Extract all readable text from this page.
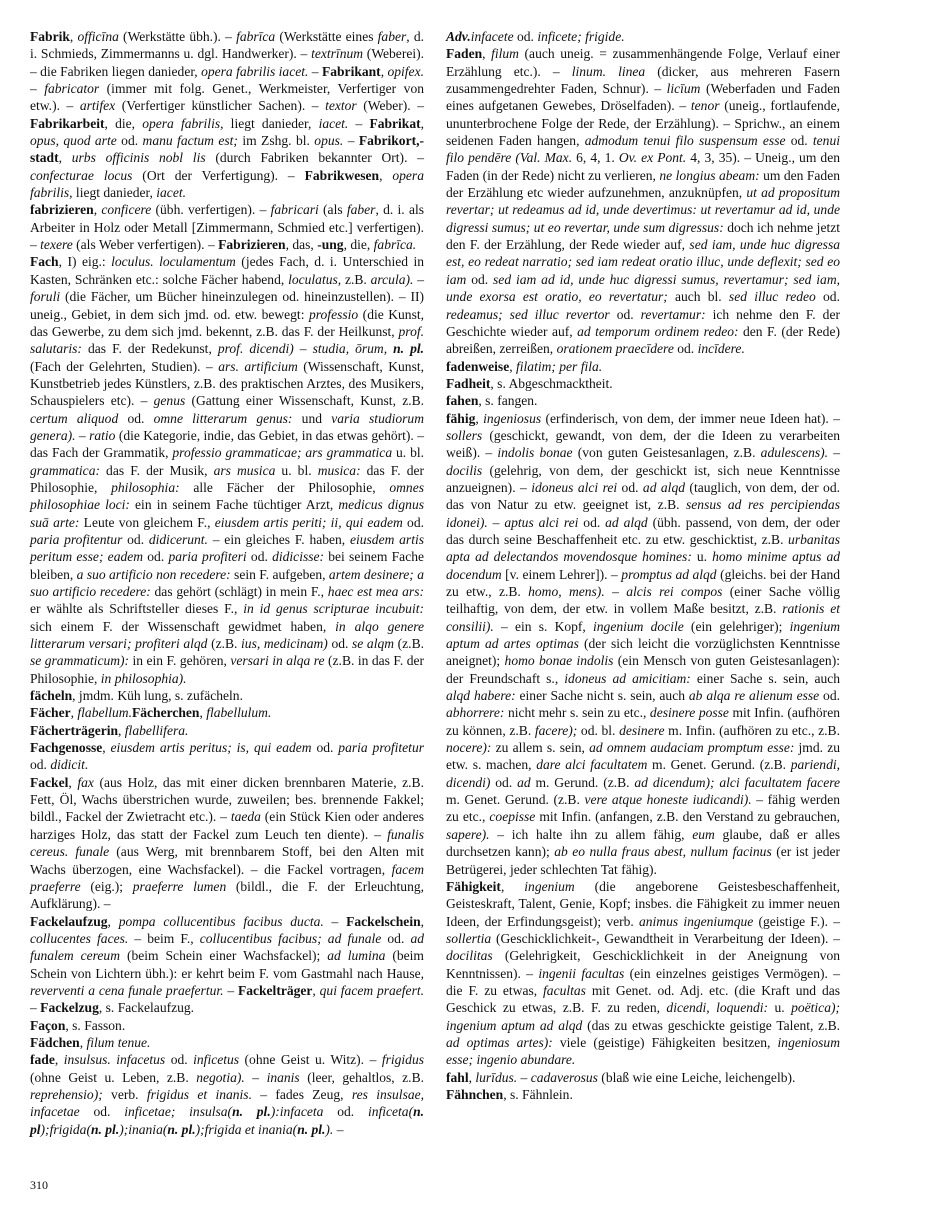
Fabrik, officīna (Werkstätte übh.). – fabrīca (Werkstätte eines faber, d. i. Schmieds, Zimmermanns u. dgl. Handwerker). – textrīnum (Weberei). – die Fabriken liegen danieder, opera fabrilis iacet. – Fabrikant, opifex. – fabricator (immer mit folg. Genet., Werkmeister, Verfertiger von etw.). – artifex (Verfertiger künstlicher Sachen). – textor (Weber). – Fabrikarbeit, die, opera fabrilis, liegt danieder, iacet. – Fabrikat, opus, quod arte od. manu factum est; im Zshg. bl. opus. – Fabrikort,-stadt, urbs officinis nobl lis (durch Fabriken bekannter Ort). – confecturae locus (Ort der Verfertigung). – Fabrikwesen, opera fabrilis, liegt danieder, iacet.

fabrizieren, conficere (übh. verfertigen). – fabricari (als faber, d. i. als Arbeiter in Holz oder Metall [Zimmermann, Schmied etc.] verfertigen). – texere (als Weber verfertigen). – Fabrizieren, das, -ung, die, fabrīca.

Fach, I) eig.: loculus. loculamentum (jedes Fach, d. i. Unterschied in Kasten, Schränken etc.: solche Fächer habend, loculatus, z.B. arcula). – foruli (die Fächer, um Bücher hineinzulegen od. hineinzustellen). – II) uneig., Gebiet, in dem sich jmd. od. etw. bewegt: professio (die Kunst, das Gewerbe, zu dem sich jmd. bekennt, z.B. das F. der Heilkunst, prof. salutaris: das F. der Redekunst, prof. dicendi) – studia, ōrum, n. pl. (Fach der Gelehrten, Studien). – ars. artificium (Wissenschaft, Kunst, Kunstbetrieb jedes Künstlers, z.B. des praktischen Arztes, des Musikers, Schauspielers etc). – genus (Gattung einer Wissenschaft, Kunst, z.B. certum aliquod od. omne litterarum genus: und varia studiorum genera). – ratio (die Kategorie, indie, das Gebiet, in das etwas gehört). – das Fach der Grammatik, professio grammaticae; ars grammatica u. bl. grammatica: das F. der Musik, ars musica u. bl. musica: das F. der Philosophie, philosophia: alle Fächer der Philosophie, omnes philosophiae loci: ein in seinem Fache tüchtiger Arzt, medicus dignus suā arte: Leute von gleichem F., eiusdem artis periti; ii, qui eadem od. paria profitentur od. didicerunt. – ein gleiches F. haben, eiusdem artis peritum esse; eadem od. paria profiteri od. didicisse: bei seinem Fache bleiben, a suo artificio non recedere: sein F. aufgeben, artem desinere; a suo artificio recedere: das gehört (schlägt) in mein F., haec est mea ars: er wählte als Schriftsteller dieses F., in id genus scripturae incubuit: sich einem F. der Wissenschaft gewidmet haben, in alqo genere litterarum versari; profiteri alqd (z.B. ius, medicinam) od. se alqm (z.B. se grammaticum): in ein F. gehören, versari in alqa re (z.B. in das F. der Philosophie, in philosophia).

fächeln, jmdm. Küh lung, s. zufächeln.

Fächer, flabellum.Fächerchen, flabellulum.

Fächerträgerin, flabellifera.

Fachgenosse, eiusdem artis peritus; is, qui eadem od. paria profitetur od. didicit.

Fackel, fax (aus Holz, das mit einer dicken brennbaren Materie, z.B. Fett, Öl, Wachs überstrichen wurde, zuweilen; bes. brennende Fakkel; bildl., Fackel der Zwietracht etc.). – taeda (ein Stück Kien oder anderes harziges Holz, das statt der Fackel zum Leuch ten diente). – funalis cereus. funale (aus Werg, mit brennbarem Stoff, bei den Alten mit Wachs überzogen, eine Wachsfackel). – die Fackel vortragen, facem praeferre (eig.); praeferre lumen (bildl., die F. der Erleuchtung, Aufklärung). –

Fackelaufzug, pompa collucentibus facibus ducta. – Fackelschein, collucentes faces. – beim F., collucentibus facibus; ad funale od. ad funalem cereum (beim Schein einer Wachsfackel); ad lumina (beim Schein von Lichtern übh.): er kehrt beim F. vom Gastmahl nach Hause, reverventi a cena funale praefertur. – Fackelträger, qui facem praefert. – Fackelzug, s. Fackelaufzug.

Façon, s. Fasson.

Fädchen, filum tenue.

fade, insulsus. infacetus od. inficetus (ohne Geist u. Witz). – frigidus (ohne Geist u. Leben, z.B. negotia). – inanis (leer, gehaltlos, z.B. reprehensio); verb. frigidus et inanis. – fades Zeug, res insulsae, infacetae od. inficetae; insulsa(n. pl.):infaceta od. inficeta(n. pl);frigida(n. pl.);inania(n. pl.);frigida et inania(n. pl.). –

Adv.infacete od. inficete; frigide.

Faden, filum (auch uneig. = zusammenhängende Folge, Verlauf einer Erzählung etc.). – linum. linea (dicker, aus mehreren Fasern zusammengedrehter Faden, Schnur). – licīum (Weberfaden und Faden eines aufgetanen Gewebes, Dröselfaden). – tenor (uneig., fortlaufende, ununterbrochene Folge der Rede, der Erzählung). – Sprichw., an einem seidenen Faden hangen, admodum tenui filo suspensum esse od. tenui filo pendēre (Val. Max. 6, 4, 1. Ov. ex Pont. 4, 3, 35). – Uneig., um den Faden (in der Rede) nicht zu verlieren, ne longius abeam: um den Faden der Erzählung etc wieder aufzunehmen, anzuknüpfen, ut ad propositum revertar; ut redeamus ad id, unde devertimus: ut revertamur ad id, unde digressi sumus; ut eo revertar, unde sum digressus: doch ich nehme jetzt den F. der Erzählung, der Rede wieder auf, sed iam, unde huc digressa est, eo redeat narratio; sed iam redeat oratio illuc, unde deflexit; sed eo iam od. sed iam ad id, unde huc digressi sumus, revertamur; sed iam, unde exorsa est oratio, eo revertatur; auch bl. sed illuc redeo od. redeamus; sed illuc revertor od. revertamur: ich nehme den F. der Geschichte wieder auf, ad temporum ordinem redeo: den F. (der Rede) abreißen, zerreißen, orationem praecīdere od. incīdere.

fadenweise, filatim; per fila.

Fadheit, s. Abgeschmacktheit.

fahen, s. fangen.

fähig, ingeniosus (erfinderisch, von dem, der immer neue Ideen hat). – sollers (geschickt, gewandt, von dem, der die Ideen zu verarbeiten weiß). – indolis bonae (von guten Geistesanlagen, z.B. adulescens). – docilis (gelehrig, von dem, der geschickt ist, sich neue Kenntnisse anzueignen). – idoneus alci rei od. ad alqd (tauglich, von dem, der od. das von Natur zu etw. geeignet ist, z.B. sensus ad res percipiendas idonei). – aptus alci rei od. ad alqd (übh. passend, von dem, der oder das durch seine Beschaffenheit etc. zu etw. geschicktist, z.B. urbanitas apta ad delectandos movendosque homines: u. homo minime aptus ad docendum [v. einem Lehrer]). – promptus ad alqd (gleichs. bei der Hand zu etw., z.B. homo, mens). – alcis rei compos (einer Sache völlig teilhaftig, von dem, der etw. in vollem Maße besitzt, z.B. rationis et consilii). – ein s. Kopf, ingenium docile (ein gelehriger); ingenium aptum ad artes optimas (der sich leicht die vorzüglichsten Kenntnisse aneignet); homo bonae indolis (ein Mensch von guten Geistesanlagen): der Freundschaft s., idoneus ad amicitiam: einer Sache s. sein, auch alqd habere: einer Sache nicht s. sein, auch ab alqa re alienum esse od. abhorrere: nicht mehr s. sein zu etc., desinere posse mit Infin. (aufhören zu können, z.B. facere); od. bl. desinere m. Infin. (aufhören zu etc., z.B. nocere): zu allem s. sein, ad omnem audaciam promptum esse: jmd. zu etw. s. machen, dare alci facultatem m. Genet. Gerund. (z.B. pariendi, dicendi) od. ad m. Gerund. (z.B. ad dicendum); alci facultatem facere m. Genet. Gerund. (z.B. vere atque honeste iudicandi). – fähig werden zu etc., coepisse mit Infin. (anfangen, z.B. den Verstand zu gebrauchen, sapere). – ich halte ihn zu allem fähig, eum glaube, daß er alles durchsetzen kann); ab eo nulla fraus abest, nullum facinus (er ist jeder Betrügerei, jeder schlechten Tat fähig).

Fähigkeit, ingenium (die angeborene Geistesbeschaffenheit, Geisteskraft, Talent, Genie, Kopf; insbes. die Fähigkeit zu immer neuen Ideen, der Erfindungsgeist); verb. animus ingeniumque (geistige F.). – sollertia (Geschicklichkeit-, Gewandtheit in Verarbeitung der Ideen). – docilitas (Gelehrigkeit, Geschicklichkeit in der Aneignung von Kenntnissen). – ingenii facultas (ein einzelnes geistiges Vermögen). – die F. zu etwas, facultas mit Genet. od. Adj. etc. (die Kraft und das Geschick zu etwas, z.B. F. zu reden, dicendi, loquendi: u. poëtica); ingenium aptum ad alqd (das zu etwas geschickte geistige Talent, z.B. ad optimas artes): viele (geistige) Fähigkeiten besitzen, ingeniosum esse; ingenio abundare.

fahl, lurīdus. – cadaverosus (blaß wie eine Leiche, leichengelb).

Fähnchen, s. Fähnlein.

310
